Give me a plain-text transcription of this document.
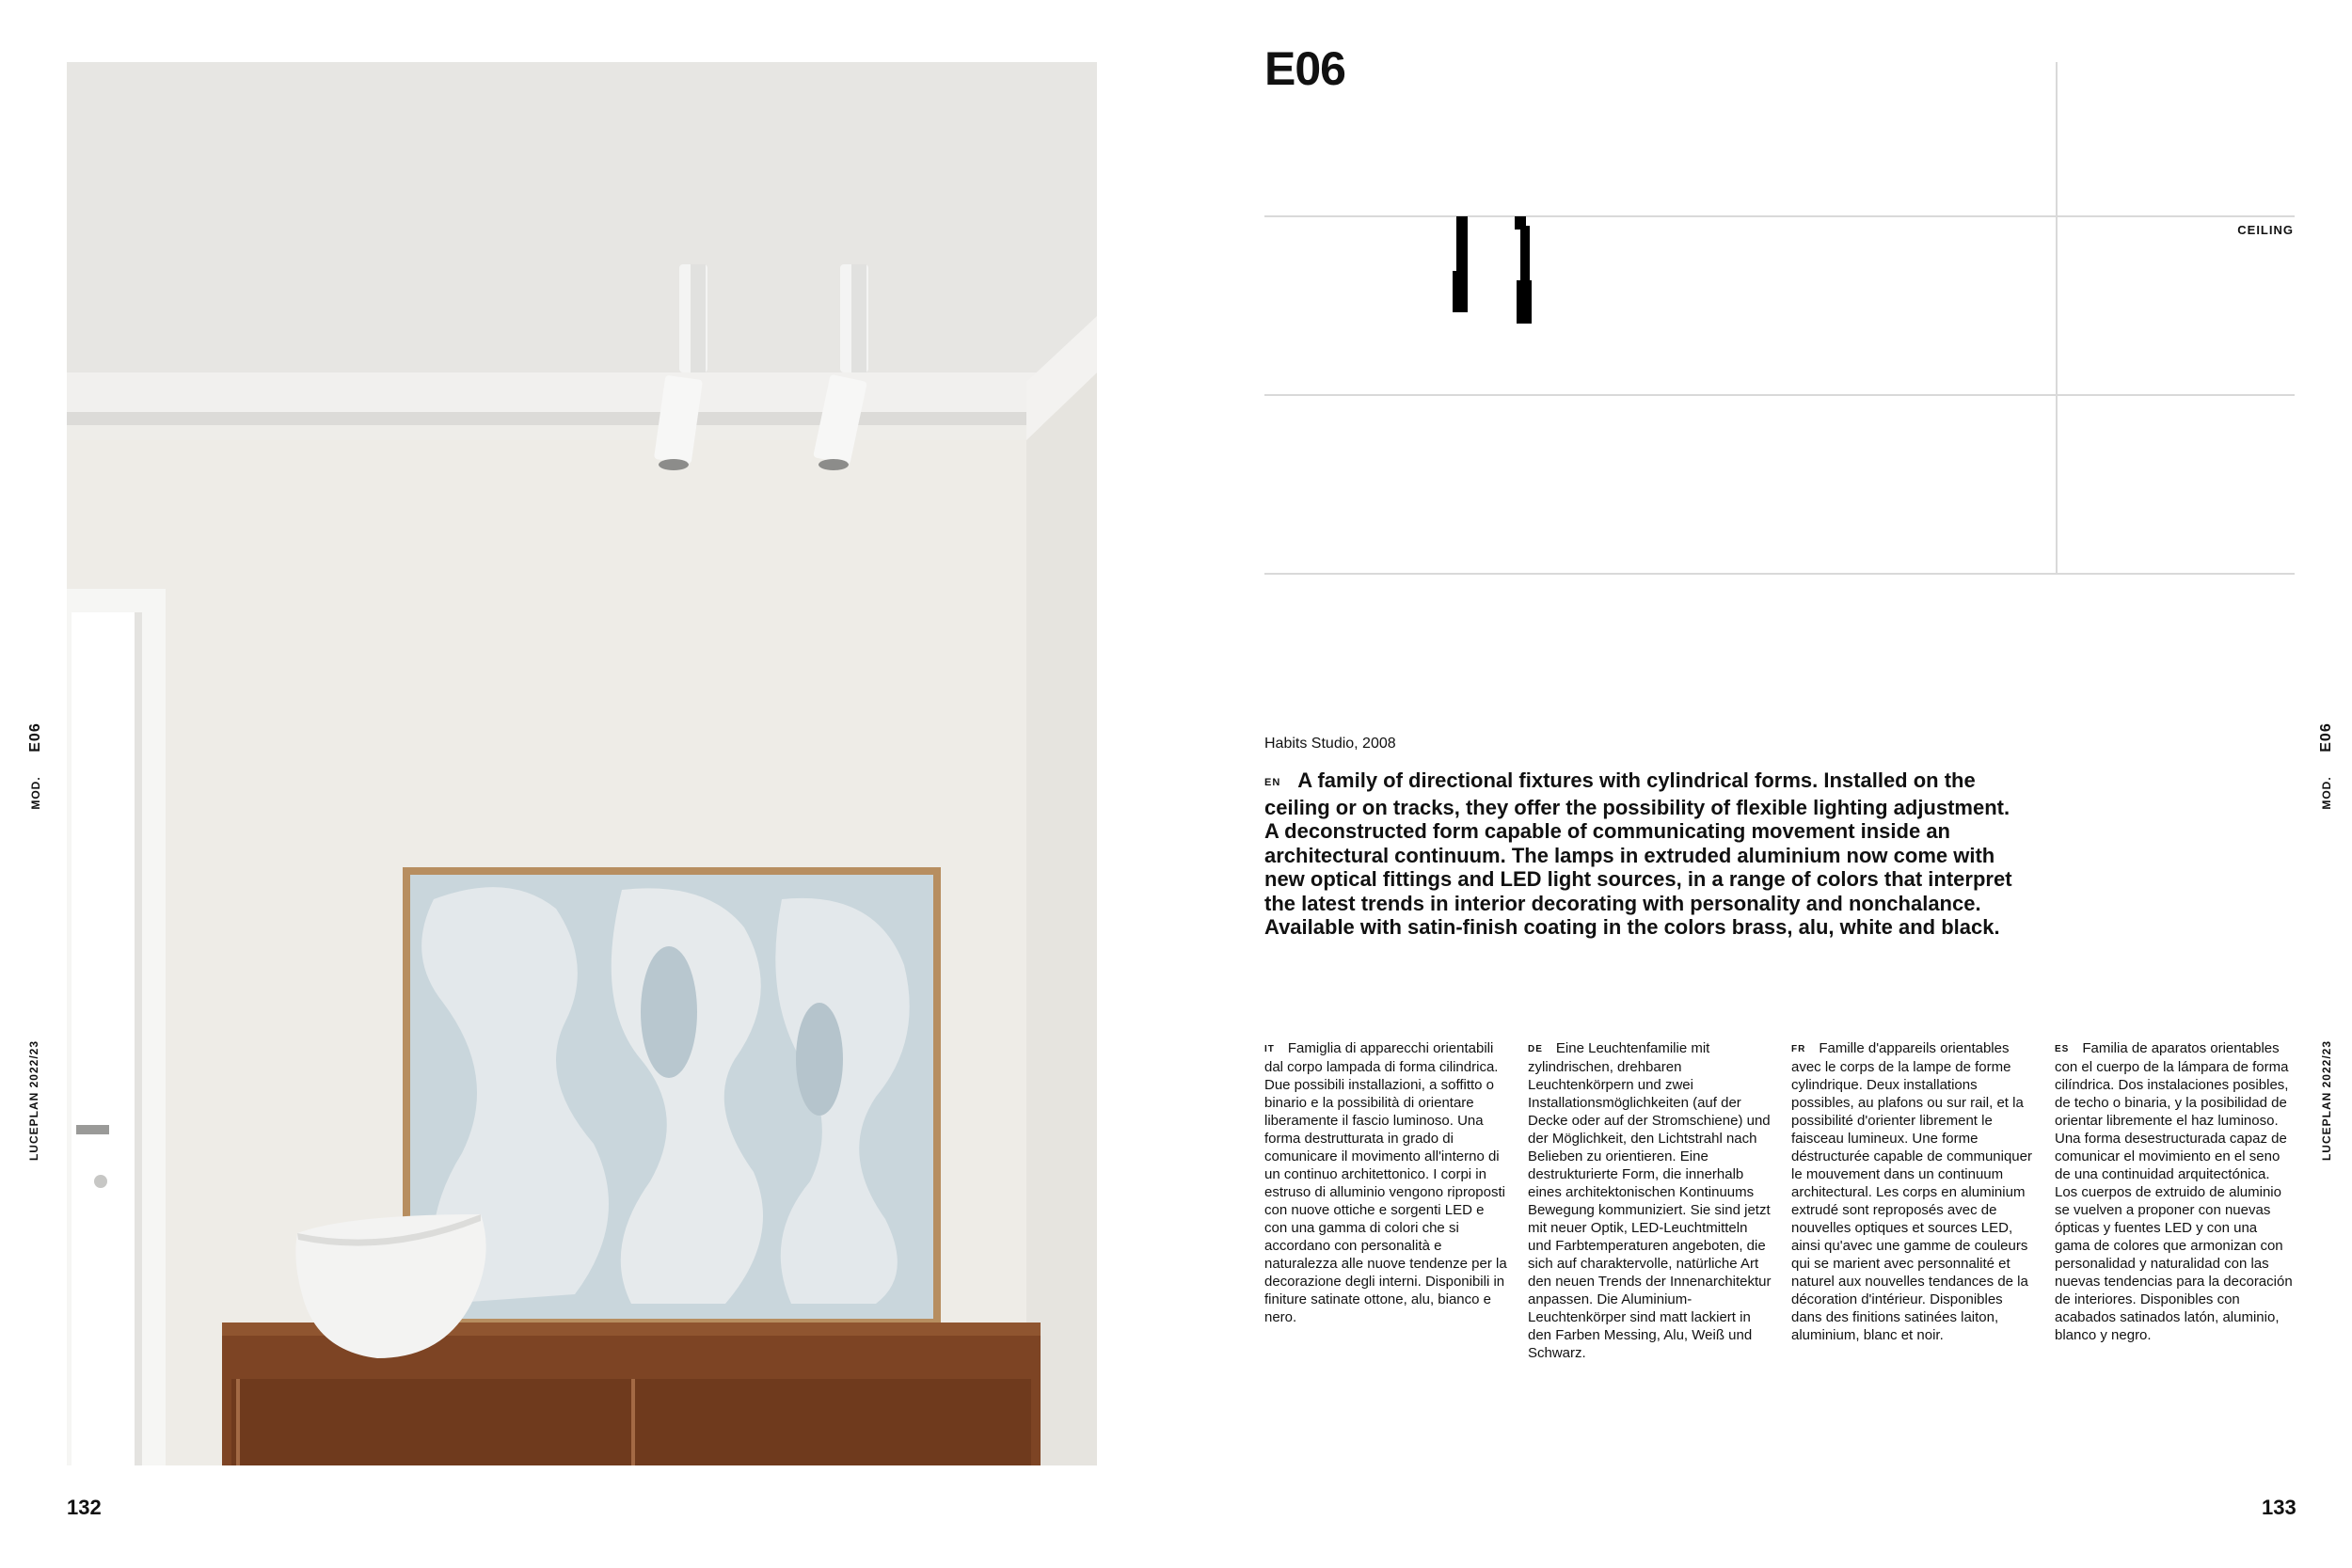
MOD.
E06
LUCEPLAN 2022/23
132
E06
CEILING
Habits Studio, 2008
EN A family of directional fixtures with cylindrical forms. Installed on the ceiling or on tracks, they offer the possibility of flexible lighting adjustment. A deconstructed form capable of communicating movement inside an architectural continuum. The lamps in extruded aluminium now come with new optical fittings and LED light sources, in a range of colors that interpret the latest trends in interior decorating with personality and nonchalance. Available with satin-finish coating in the colors brass, alu, white and black.
IT Famiglia di apparecchi orientabili dal corpo lampada di forma cilindrica. Due possibili installazioni, a soffitto o binario e la possibilità di orientare liberamente il fascio luminoso. Una forma destrutturata in grado di comunicare il movimento all'interno di un continuo architettonico. I corpi in estruso di alluminio vengono riproposti con nuove ottiche e sorgenti LED e con una gamma di colori che si accordano con personalità e naturalezza alle nuove tendenze per la decorazione degli interni. Disponibili in finiture satinate ottone, alu, bianco e nero.
DE Eine Leuchtenfamilie mit zylindrischen, drehbaren Leuchtenkörpern und zwei Installationsmöglichkeiten (auf der Decke oder auf der Stromschiene) und der Möglichkeit, den Lichtstrahl nach Belieben zu orientieren. Eine destrukturierte Form, die innerhalb eines architektonischen Kontinuums Bewegung kommuniziert. Sie sind jetzt mit neuer Optik, LED-Leuchtmitteln und Farbtemperaturen angeboten, die sich auf charaktervolle, natürliche Art den neuen Trends der Innenarchitektur anpassen. Die Aluminium-Leuchtenkörper sind matt lackiert in den Farben Messing, Alu, Weiß und Schwarz.
FR Famille d'appareils orientables avec le corps de la lampe de forme cylindrique. Deux installations possibles, au plafons ou sur rail, et la possibilité d'orienter librement le faisceau lumineux. Une forme déstructurée capable de communiquer le mouvement dans un continuum architectural. Les corps en aluminium extrudé sont reproposés avec de nouvelles optiques et sources LED, ainsi qu'avec une gamme de couleurs qui se marient avec personnalité et naturel aux nouvelles tendances de la décoration d'intérieur. Disponibles dans des finitions satinées laiton, aluminium, blanc et noir.
ES Familia de aparatos orientables con el cuerpo de la lámpara de forma cilíndrica. Dos instalaciones posibles, de techo o binaria, y la posibilidad de orientar libremente el haz luminoso. Una forma desestructurada capaz de comunicar el movimiento en el seno de una continuidad arquitectónica. Los cuerpos de extruido de aluminio se vuelven a proponer con nuevas ópticas y fuentes LED y con una gama de colores que armonizan con personalidad y naturalidad con las nuevas tendencias para la decoración de interiores. Disponibles con acabados satinados latón, aluminio, blanco y negro.
MOD.
E06
LUCEPLAN 2022/23
133
